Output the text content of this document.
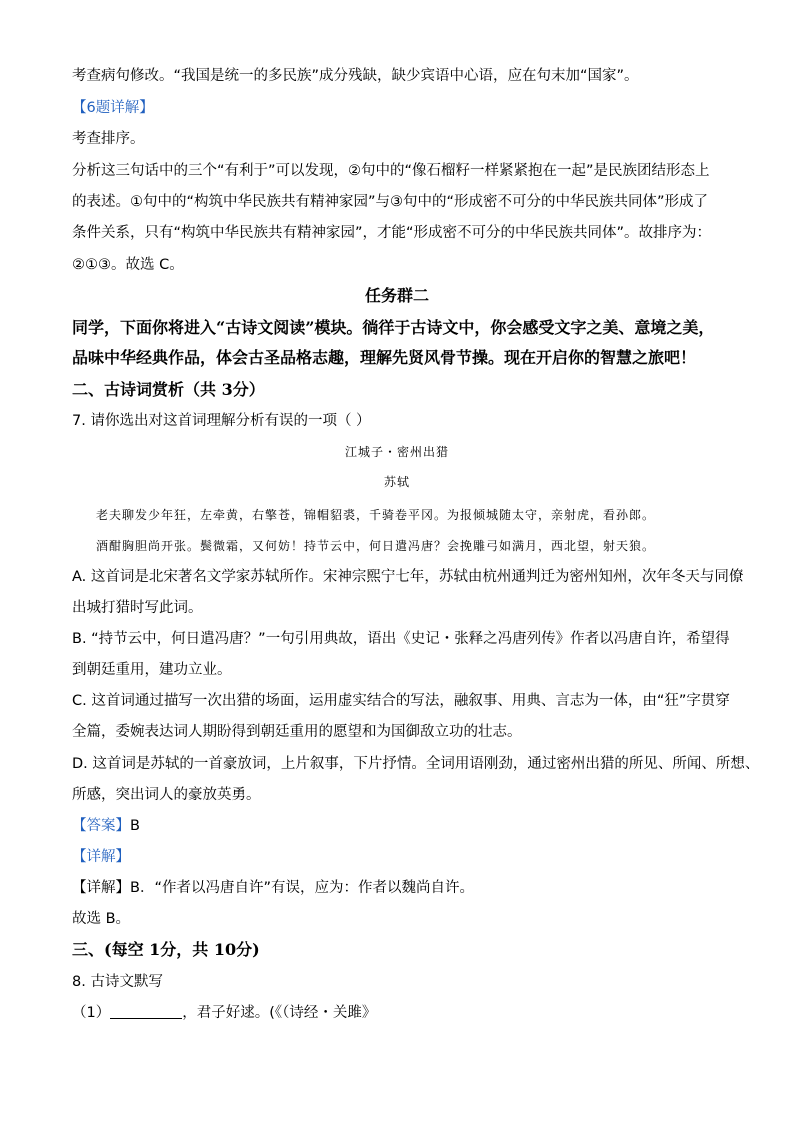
考查病句修改。“我国是统一的多民族”成分残缺，缺少宾语中心语，应在句末加“国家”。
【6题详解】
考查排序。
分析这三句话中的三个“有利于”可以发现，②句中的“像石榴籽一样紧紧抱在一起”是民族团结形态上
的表述。①句中的“构筑中华民族共有精神家园”与③句中的“形成密不可分的中华民族共同体”形成了
条件关系，只有“构筑中华民族共有精神家园”，才能“形成密不可分的中华民族共同体”。故排序为：
②①③。故选 C。
任务群二
同学，下面你将进入“古诗文阅读”模块。徜徉于古诗文中，你会感受文字之美、意境之美，
品味中华经典作品，体会古圣品格志趣，理解先贤风骨节操。现在开启你的智慧之旅吧！
二、古诗词赏析（共 3分）
7. 请你选出对这首词理解分析有误的一项（ ）
江城子・密州出猎
苏轼
老夫聊发少年狂，左牵黄，右擎苍，锦帽貂裘，千骑卷平冈。为报倾城随太守，亲射虎，看孙郎。
酒酣胸胆尚开张。鬓微霜，又何妨！持节云中，何日遣冯唐？会挽雕弓如满月，西北望，射天狼。
A. 这首词是北宋著名文学家苏轼所作。宋神宗熙宁七年，苏轼由杭州通判迁为密州知州，次年冬天与同僚
出城打猎时写此词。
B. “持节云中，何日遣冯唐？”一句引用典故，语出《史记・张释之冯唐列传》作者以冯唐自许，希望得
到朝廷重用，建功立业。
C. 这首词通过描写一次出猎的场面，运用虚实结合的写法，融叙事、用典、言志为一体，由“狂”字贯穿
全篇，委婉表达词人期盼得到朝廷重用的愿望和为国御敌立功的壮志。
D. 这首词是苏轼的一首豪放词，上片叙事，下片抒情。全词用语刚劲，通过密州出猎的所见、所闻、所想、
所感，突出词人的豪放英勇。
【答案】B
【详解】
【详解】B．“作者以冯唐自许”有误，应为：作者以魏尚自许。
故选 B。
三、(每空 1分，共 10分)
8. 古诗文默写
（1）	，君子好逑。(《（诗经・关雎》
